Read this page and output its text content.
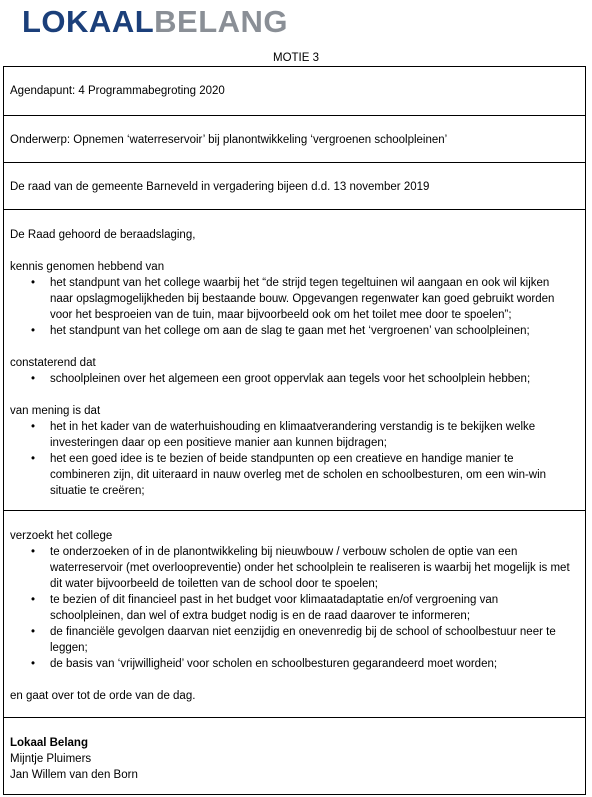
LOKAALBELANG
MOTIE 3
Agendapunt: 4 Programmabegroting 2020
Onderwerp: Opnemen ‘waterreservoir’ bij planontwikkeling ‘vergroenen schoolpleinen’
De raad van de gemeente Barneveld in vergadering bijeen d.d. 13 november 2019
De Raad gehoord de beraadslaging,
kennis genomen hebbend van
• het standpunt van het college waarbij het “de strijd tegen tegeltuinen wil aangaan en ook wil kijken naar opslagmogelijkheden bij bestaande bouw. Opgevangen regenwater kan goed gebruikt worden voor het besproeien van de tuin, maar bijvoorbeeld ook om het toilet mee door te spoelen”;
• het standpunt van het college om aan de slag te gaan met het ‘vergroenen’ van schoolpleinen;
constaterend dat
• schoolpleinen over het algemeen een groot oppervlak aan tegels voor het schoolplein hebben;
van mening is dat
• het in het kader van de waterhuishouding en klimaatverandering verstandig is te bekijken welke investeringen daar op een positieve manier aan kunnen bijdragen;
• het een goed idee is te bezien of beide standpunten op een creatieve en handige manier te combineren zijn, dit uiteraard in nauw overleg met de scholen en schoolbesturen, om een win-win situatie te creëren;
verzoekt het college
• te onderzoeken of in de planontwikkeling bij nieuwbouw / verbouw scholen de optie van een waterreservoir (met overloopreventie) onder het schoolplein te realiseren is waarbij het mogelijk is met dit water bijvoorbeeld de toiletten van de school door te spoelen;
• te bezien of dit financieel past in het budget voor klimaatadaptatie en/of vergroening van schoolpleinen, dan wel of extra budget nodig is en de raad daarover te informeren;
• de financiële gevolgen daarvan niet eenzijdig en onevenredig bij de school of schoolbestuur neer te leggen;
• de basis van ‘vrijwilligheid’ voor scholen en schoolbesturen gegarandeerd moet worden;
en gaat over tot de orde van de dag.
Lokaal Belang
Mijntje Pluimers
Jan Willem van den Born
